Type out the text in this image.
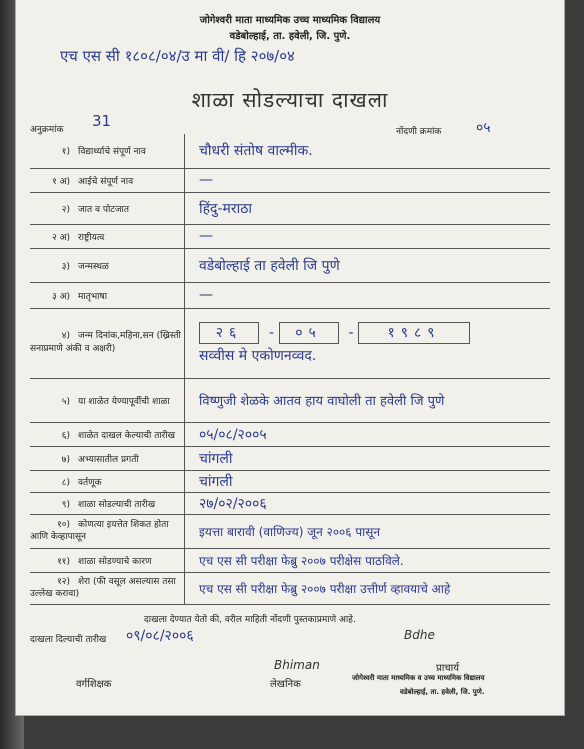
जोगेश्वरी माता माध्यमिक उच्च माध्यमिक विद्यालय
वडेबोल्हाई, ता. हवेली, जि. पुणे.
एच एस सी १८०८/०४/उ मा वी/ हि २०७/०४
शाळा सोडल्याचा दाखला
अनुक्रमांक 31
नोंदणी क्रमांक ०५
१) विद्यार्थ्याचे संपूर्ण नाव	चौधरी संतोष वाल्मीक.
१ अ) आईचे संपूर्ण नाव	—
२) जात व पोटजात	हिंदु-मराठा
२ अ) राष्ट्रीयत्व	—
३) जन्मस्थळ	वडेबोल्हाई ता हवेली जि पुणे
३ अ) मातृभाषा	—
४) जन्म दिनांक,महिना,सन (ख्रिस्ती सनाप्रमाणे अंकी व अक्षरी)	२६ - ०५ - १९८९
सव्वीस मे एकोणनव्वद.

५) या शाळेत येण्यापूर्वीची शाळा	विष्णुजी शेळके आतव हाय वाघोली ता हवेली जि पुणे
६) शाळेत दाखल केल्याची तारीख	०५/०८/२००५
७) अभ्यासातील प्रगती	चांगली
८) वर्तणूक	चांगली
९) शाळा सोडल्याची तारीख	२७/०२/२००६
१०) कोणत्या इयत्तेत शिकत होता आणि केव्हापासून	इयत्ता बारावी (वाणिज्य) जून २००६ पासून
११) शाळा सोडण्याचे कारण	एच एस सी परीक्षा फेब्रु २००७ परीक्षेस पाठविले.
१२) शेरा (फी वसूल असल्यास तसा उल्लेख करावा)	एच एस सी परीक्षा फेब्रु २००७ परीक्षा उत्तीर्ण व्हावयाचे आहे
दाखला देण्यात येतो की, वरील माहिती नोंदणी पुस्तकाप्रमाणे आहे.
दाखला दिल्याची तारीख ०९/०८/२००६	Bdhe
Bhiman
वर्गशिक्षक	लेखनिक
प्राचार्य
जोगेश्वरी माता माध्यमिक व उच्च माध्यमिक विद्यालय
वडेबोल्हाई, ता. हवेली, जि. पुणे.
